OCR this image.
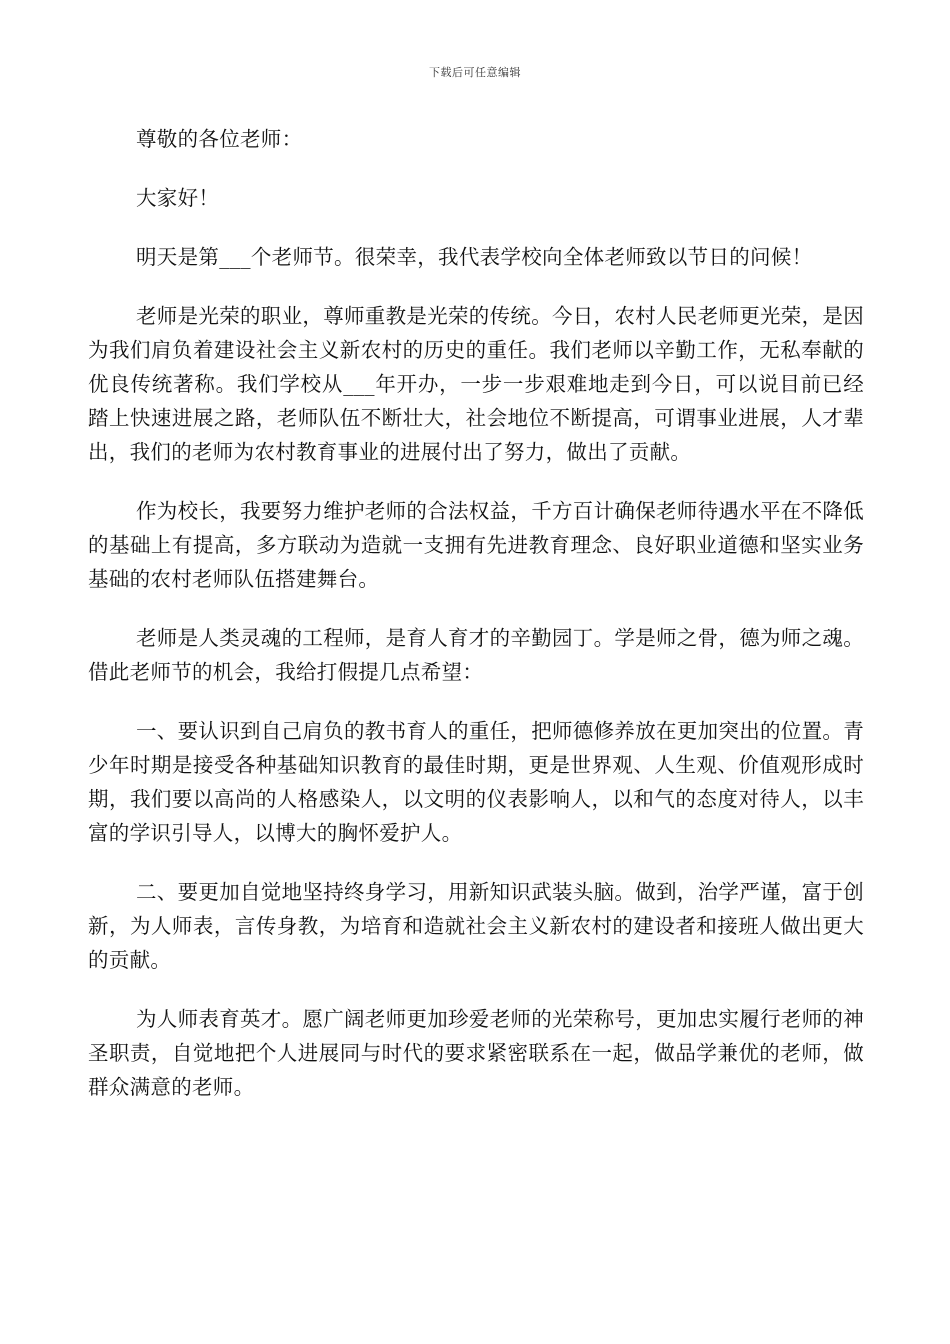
下载后可任意编辑

尊敬的各位老师：

大家好！

明天是第___个老师节。很荣幸，我代表学校向全体老师致以节日的问候！

老师是光荣的职业，尊师重教是光荣的传统。今日，农村人民老师更光荣，是因为我们肩负着建设社会主义新农村的历史的重任。我们老师以辛勤工作，无私奉献的优良传统著称。我们学校从___年开办，一步一步艰难地走到今日，可以说目前已经踏上快速进展之路，老师队伍不断壮大，社会地位不断提高，可谓事业进展，人才辈出，我们的老师为农村教育事业的进展付出了努力，做出了贡献。

作为校长，我要努力维护老师的合法权益，千方百计确保老师待遇水平在不降低的基础上有提高，多方联动为造就一支拥有先进教育理念、良好职业道德和坚实业务基础的农村老师队伍搭建舞台。

老师是人类灵魂的工程师，是育人育才的辛勤园丁。学是师之骨，德为师之魂。借此老师节的机会，我给打假提几点希望：

一、要认识到自己肩负的教书育人的重任，把师德修养放在更加突出的位置。青少年时期是接受各种基础知识教育的最佳时期，更是世界观、人生观、价值观形成时期，我们要以高尚的人格感染人，以文明的仪表影响人，以和气的态度对待人，以丰富的学识引导人，以博大的胸怀爱护人。

二、要更加自觉地坚持终身学习，用新知识武装头脑。做到，治学严谨，富于创新，为人师表，言传身教，为培育和造就社会主义新农村的建设者和接班人做出更大的贡献。

为人师表育英才。愿广阔老师更加珍爱老师的光荣称号，更加忠实履行老师的神圣职责，自觉地把个人进展同与时代的要求紧密联系在一起，做品学兼优的老师，做群众满意的老师。
